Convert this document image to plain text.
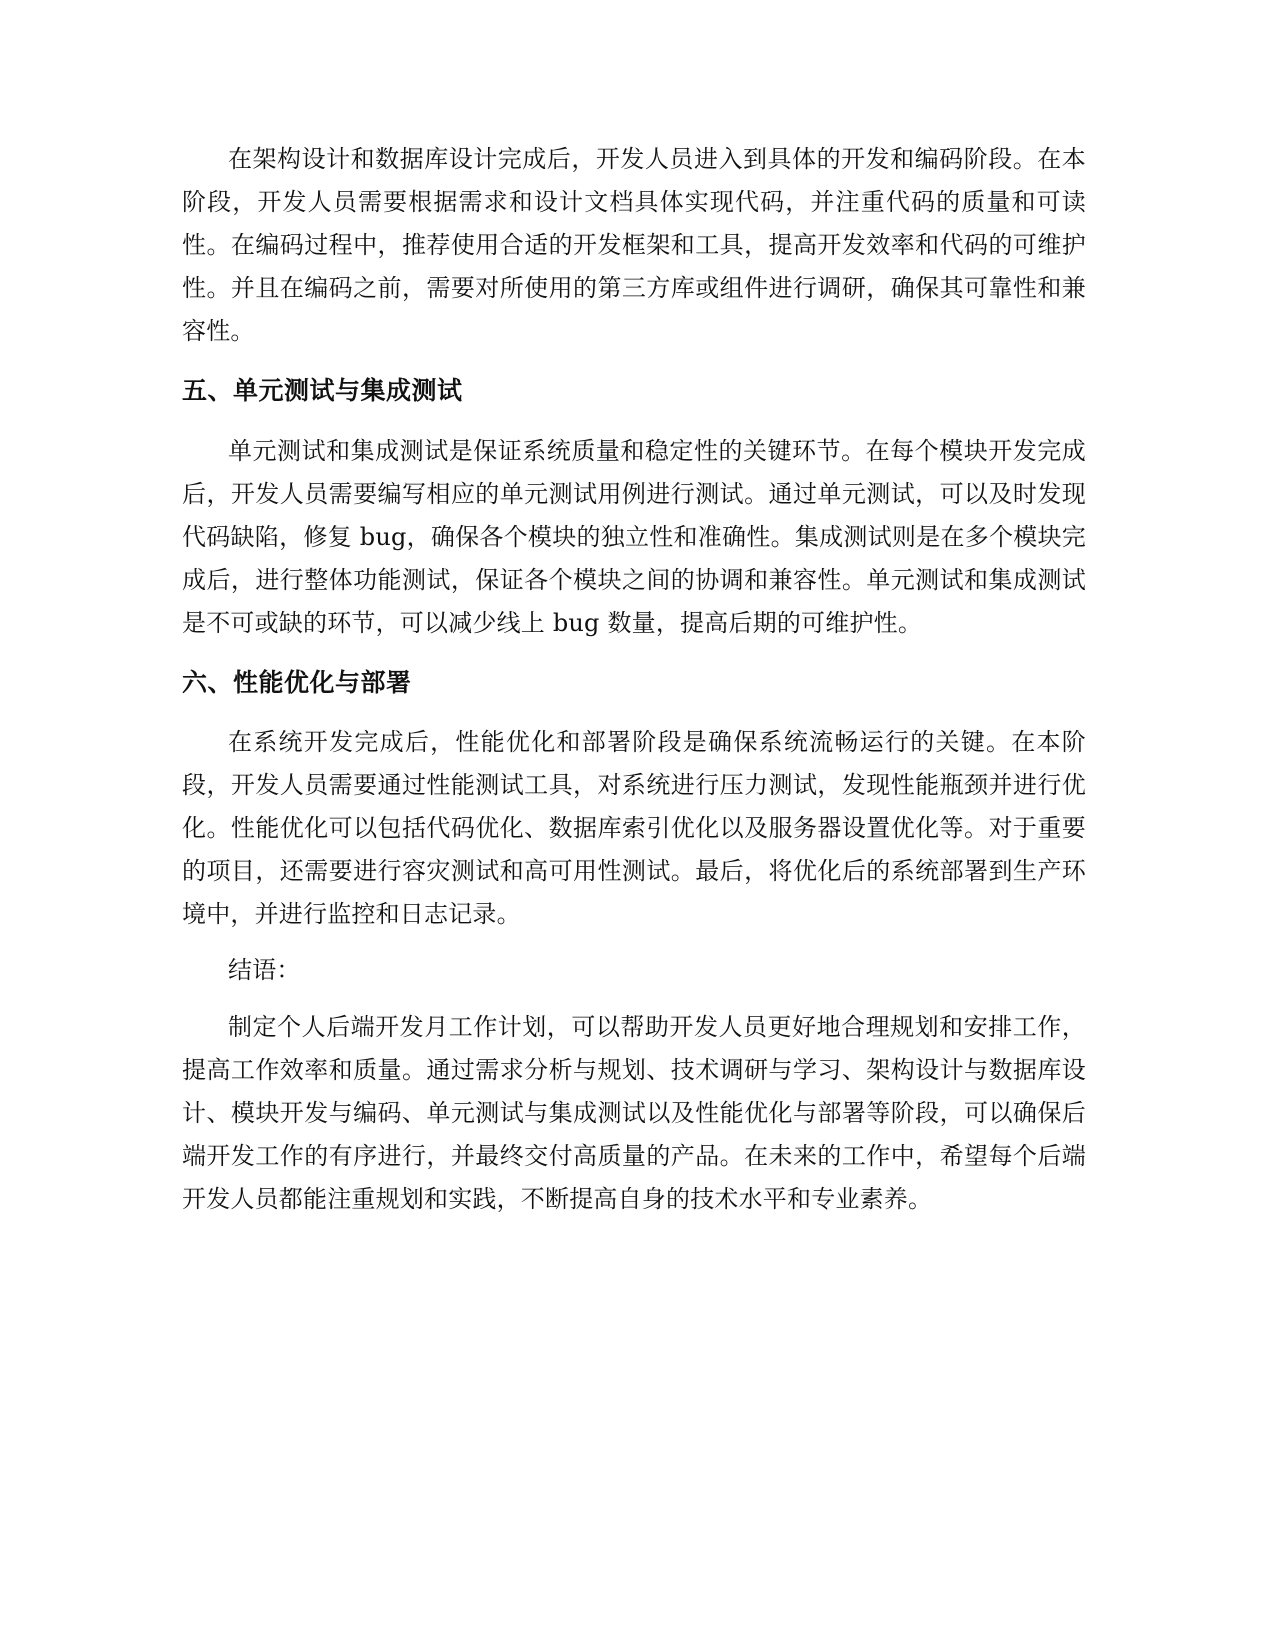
在架构设计和数据库设计完成后，开发人员进入到具体的开发和编码阶段。在本阶段，开发人员需要根据需求和设计文档具体实现代码，并注重代码的质量和可读性。在编码过程中，推荐使用合适的开发框架和工具，提高开发效率和代码的可维护性。并且在编码之前，需要对所使用的第三方库或组件进行调研，确保其可靠性和兼容性。

五、单元测试与集成测试

单元测试和集成测试是保证系统质量和稳定性的关键环节。在每个模块开发完成后，开发人员需要编写相应的单元测试用例进行测试。通过单元测试，可以及时发现代码缺陷，修复 bug，确保各个模块的独立性和准确性。集成测试则是在多个模块完成后，进行整体功能测试，保证各个模块之间的协调和兼容性。单元测试和集成测试是不可或缺的环节，可以减少线上 bug 数量，提高后期的可维护性。

六、性能优化与部署

在系统开发完成后，性能优化和部署阶段是确保系统流畅运行的关键。在本阶段，开发人员需要通过性能测试工具，对系统进行压力测试，发现性能瓶颈并进行优化。性能优化可以包括代码优化、数据库索引优化以及服务器设置优化等。对于重要的项目，还需要进行容灾测试和高可用性测试。最后，将优化后的系统部署到生产环境中，并进行监控和日志记录。

结语：

制定个人后端开发月工作计划，可以帮助开发人员更好地合理规划和安排工作，提高工作效率和质量。通过需求分析与规划、技术调研与学习、架构设计与数据库设计、模块开发与编码、单元测试与集成测试以及性能优化与部署等阶段，可以确保后端开发工作的有序进行，并最终交付高质量的产品。在未来的工作中，希望每个后端开发人员都能注重规划和实践，不断提高自身的技术水平和专业素养。
